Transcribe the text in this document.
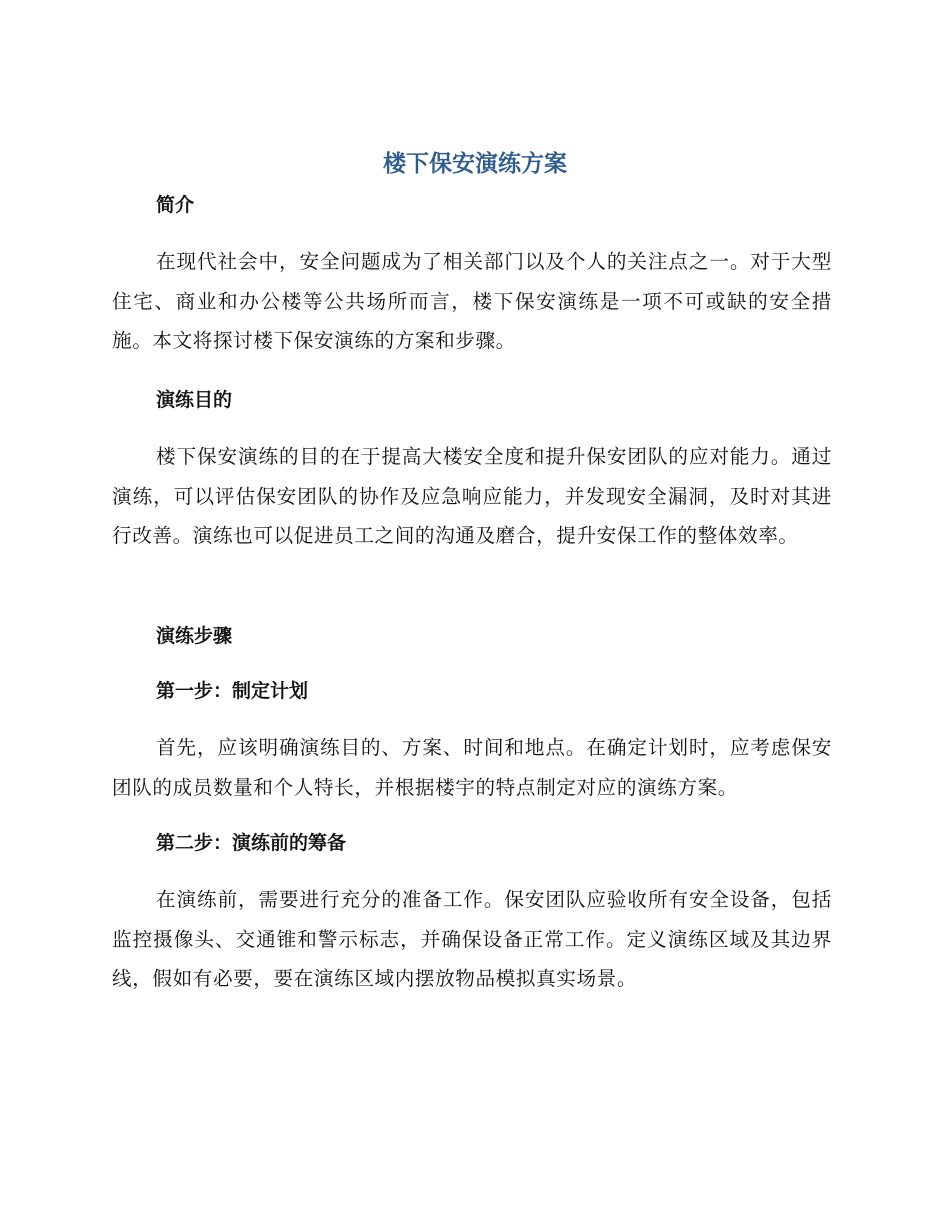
楼下保安演练方案
简介

在现代社会中，安全问题成为了相关部门以及个人的关注点之一。对于大型住宅、商业和办公楼等公共场所而言，楼下保安演练是一项不可或缺的安全措施。本文将探讨楼下保安演练的方案和步骤。

演练目的

楼下保安演练的目的在于提高大楼安全度和提升保安团队的应对能力。通过演练，可以评估保安团队的协作及应急响应能力，并发现安全漏洞，及时对其进行改善。演练也可以促进员工之间的沟通及磨合，提升安保工作的整体效率。

演练步骤
第一步：制定计划

首先，应该明确演练目的、方案、时间和地点。在确定计划时，应考虑保安团队的成员数量和个人特长，并根据楼宇的特点制定对应的演练方案。

第二步：演练前的筹备

在演练前，需要进行充分的准备工作。保安团队应验收所有安全设备，包括监控摄像头、交通锥和警示标志，并确保设备正常工作。定义演练区域及其边界线，假如有必要，要在演练区域内摆放物品模拟真实场景。
